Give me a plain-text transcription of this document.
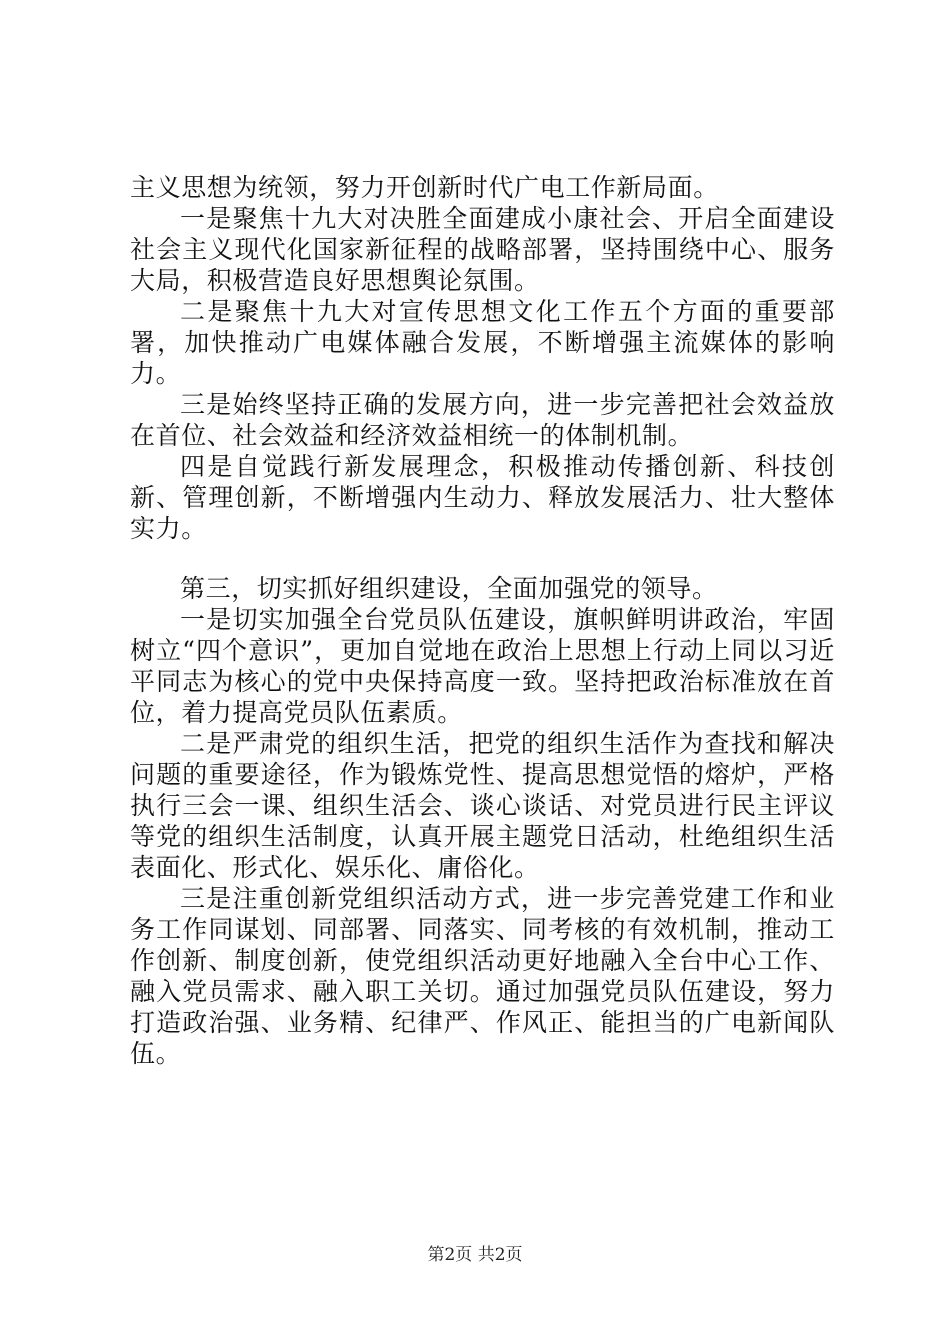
主义思想为统领，努力开创新时代广电工作新局面。

一是聚焦十九大对决胜全面建成小康社会、开启全面建设社会主义现代化国家新征程的战略部署，坚持围绕中心、服务大局，积极营造良好思想舆论氛围。

二是聚焦十九大对宣传思想文化工作五个方面的重要部署，加快推动广电媒体融合发展，不断增强主流媒体的影响力。

三是始终坚持正确的发展方向，进一步完善把社会效益放在首位、社会效益和经济效益相统一的体制机制。

四是自觉践行新发展理念，积极推动传播创新、科技创新、管理创新，不断增强内生动力、释放发展活力、壮大整体实力。

第三，切实抓好组织建设，全面加强党的领导。

一是切实加强全台党员队伍建设，旗帜鲜明讲政治，牢固树立“四个意识”，更加自觉地在政治上思想上行动上同以习近平同志为核心的党中央保持高度一致。坚持把政治标准放在首位，着力提高党员队伍素质。

二是严肃党的组织生活，把党的组织生活作为查找和解决问题的重要途径，作为锻炼党性、提高思想觉悟的熔炉，严格执行三会一课、组织生活会、谈心谈话、对党员进行民主评议等党的组织生活制度，认真开展主题党日活动，杜绝组织生活表面化、形式化、娱乐化、庸俗化。

三是注重创新党组织活动方式，进一步完善党建工作和业务工作同谋划、同部署、同落实、同考核的有效机制，推动工作创新、制度创新，使党组织活动更好地融入全台中心工作、融入党员需求、融入职工关切。通过加强党员队伍建设，努力打造政治强、业务精、纪律严、作风正、能担当的广电新闻队伍。

第2页 共2页
